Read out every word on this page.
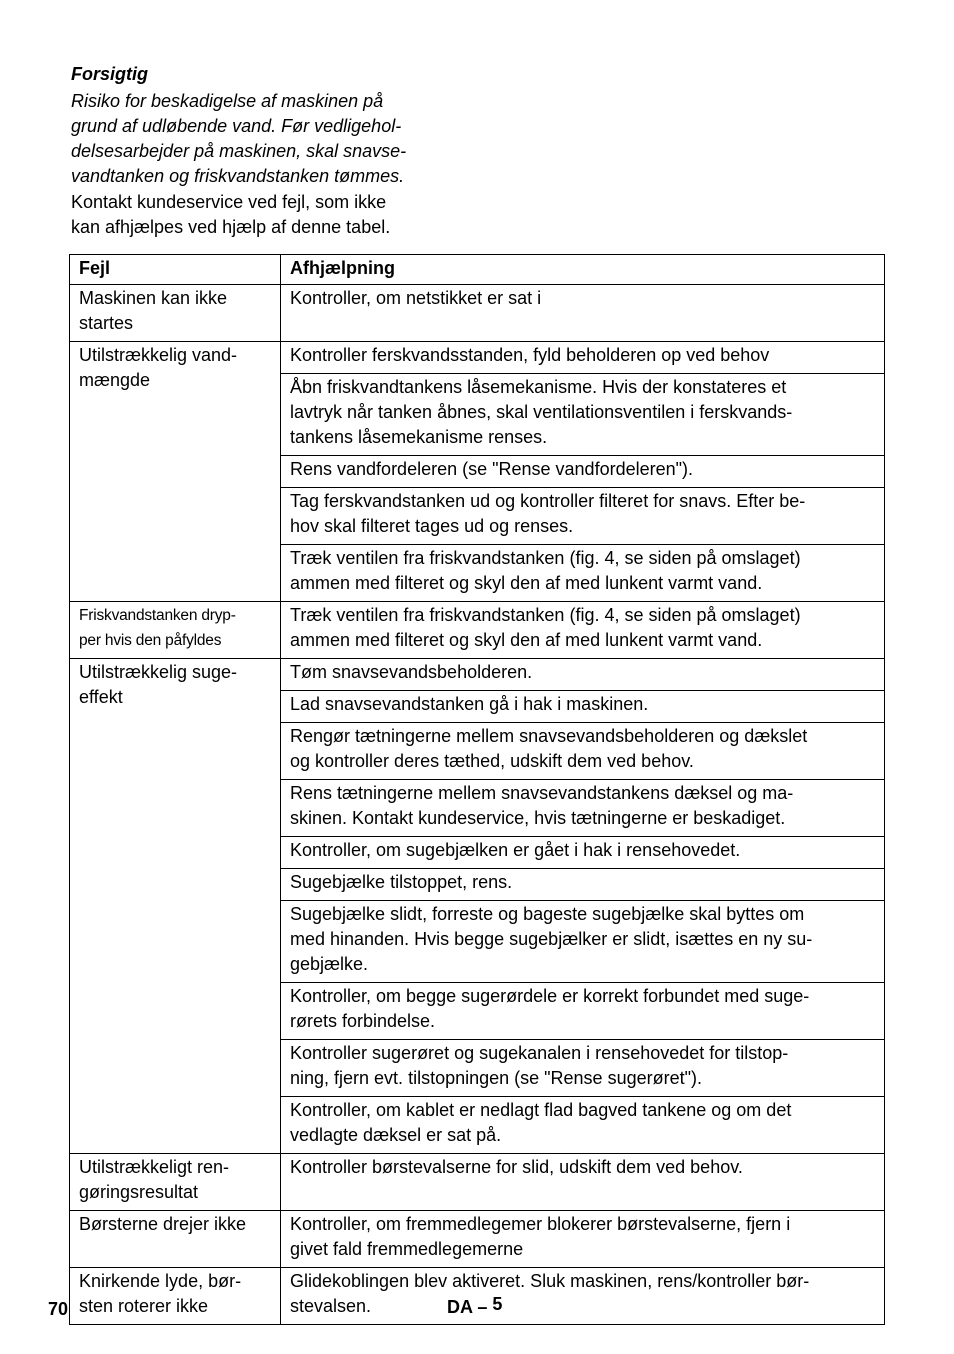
Forsigtig
Risiko for beskadigelse af maskinen på
grund af udløbende vand. Før vedligehol-
delsesarbejder på maskinen, skal snavse-
vandtanken og friskvandstanken tømmes.
Kontakt kundeservice ved fejl, som ikke
kan afhjælpes ved hjælp af denne tabel.
Fejl	Afhjælpning

Maskinen kan ikke
startes	Kontroller, om netstikket er sat i

Utilstrækkelig vand-
mængde	Kontroller ferskvandsstanden, fyld beholderen op ved behov

	Åbn friskvandtankens låsemekanisme. Hvis der konstateres et
lavtryk når tanken åbnes, skal ventilationsventilen i ferskvands-
tankens låsemekanisme renses.

	Rens vandfordeleren (se "Rense vandfordeleren").

	Tag ferskvandstanken ud og kontroller filteret for snavs. Efter be-
hov skal filteret tages ud og renses.

	Træk ventilen fra friskvandstanken (fig. 4, se siden på omslaget)
ammen med filteret og skyl den af med lunkent varmt vand.

Friskvandstanken dryp-
per hvis den påfyldes	Træk ventilen fra friskvandstanken (fig. 4, se siden på omslaget)
ammen med filteret og skyl den af med lunkent varmt vand.

Utilstrækkelig suge-
effekt	Tøm snavsevandsbeholderen.

	Lad snavsevandstanken gå i hak i maskinen.

	Rengør tætningerne mellem snavsevandsbeholderen og dækslet
og kontroller deres tæthed, udskift dem ved behov.

	Rens tætningerne mellem snavsevandstankens dæksel og ma-
skinen. Kontakt kundeservice, hvis tætningerne er beskadiget.

	Kontroller, om sugebjælken er gået i hak i rensehovedet.

	Sugebjælke tilstoppet, rens.

	Sugebjælke slidt, forreste og bageste sugebjælke skal byttes om
med hinanden. Hvis begge sugebjælker er slidt, isættes en ny su-
gebjælke.

	Kontroller, om begge sugerørdele er korrekt forbundet med suge-
rørets forbindelse.

	Kontroller sugerøret og sugekanalen i rensehovedet for tilstop-
ning, fjern evt. tilstopningen (se "Rense sugerøret").

	Kontroller, om kablet er nedlagt flad bagved tankene og om det
vedlagte dæksel er sat på.

Utilstrækkeligt ren-
gøringsresultat	Kontroller børstevalserne for slid, udskift dem ved behov.

Børsterne drejer ikke	Kontroller, om fremmedlegemer blokerer børstevalserne, fjern i
givet fald fremmedlegemerne

Knirkende lyde, bør-
sten roterer ikke	Glidekoblingen blev aktiveret. Sluk maskinen, rens/kontroller bør-
stevalsen.
70	DA – 5
